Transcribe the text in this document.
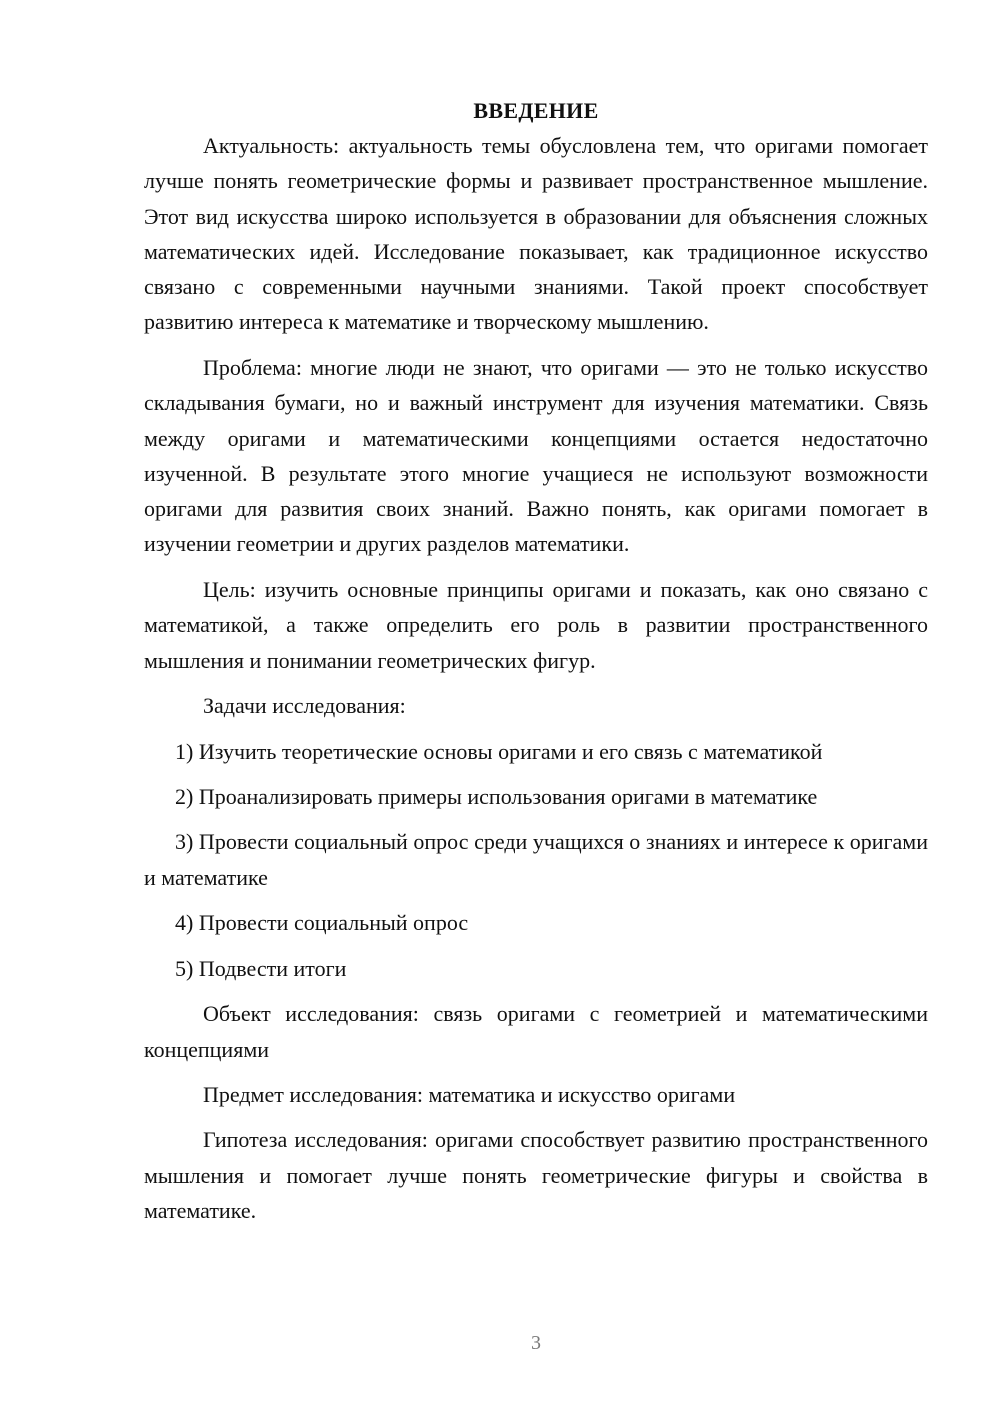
ВВЕДЕНИЕ

Актуальность: актуальность темы обусловлена тем, что оригами помогает лучше понять геометрические формы и развивает пространственное мышление. Этот вид искусства широко используется в образовании для объяснения сложных математических идей. Исследование показывает, как традиционное искусство связано с современными научными знаниями. Такой проект способствует развитию интереса к математике и творческому мышлению.

Проблема: многие люди не знают, что оригами — это не только искусство складывания бумаги, но и важный инструмент для изучения математики. Связь между оригами и математическими концепциями остается недостаточно изученной. В результате этого многие учащиеся не используют возможности оригами для развития своих знаний. Важно понять, как оригами помогает в изучении геометрии и других разделов математики.

Цель: изучить основные принципы оригами и показать, как оно связано с математикой, а также определить его роль в развитии пространственного мышления и понимании геометрических фигур.

Задачи исследования:

1) Изучить теоретические основы оригами и его связь с математикой

2) Проанализировать примеры использования оригами в математике

3) Провести социальный опрос среди учащихся о знаниях и интересе к оригами и математике

4) Провести социальный опрос

5) Подвести итоги

Объект исследования: связь оригами с геометрией и математическими концепциями

Предмет исследования: математика и искусство оригами

Гипотеза исследования: оригами способствует развитию пространственного мышления и помогает лучше понять геометрические фигуры и свойства в математике.

3
